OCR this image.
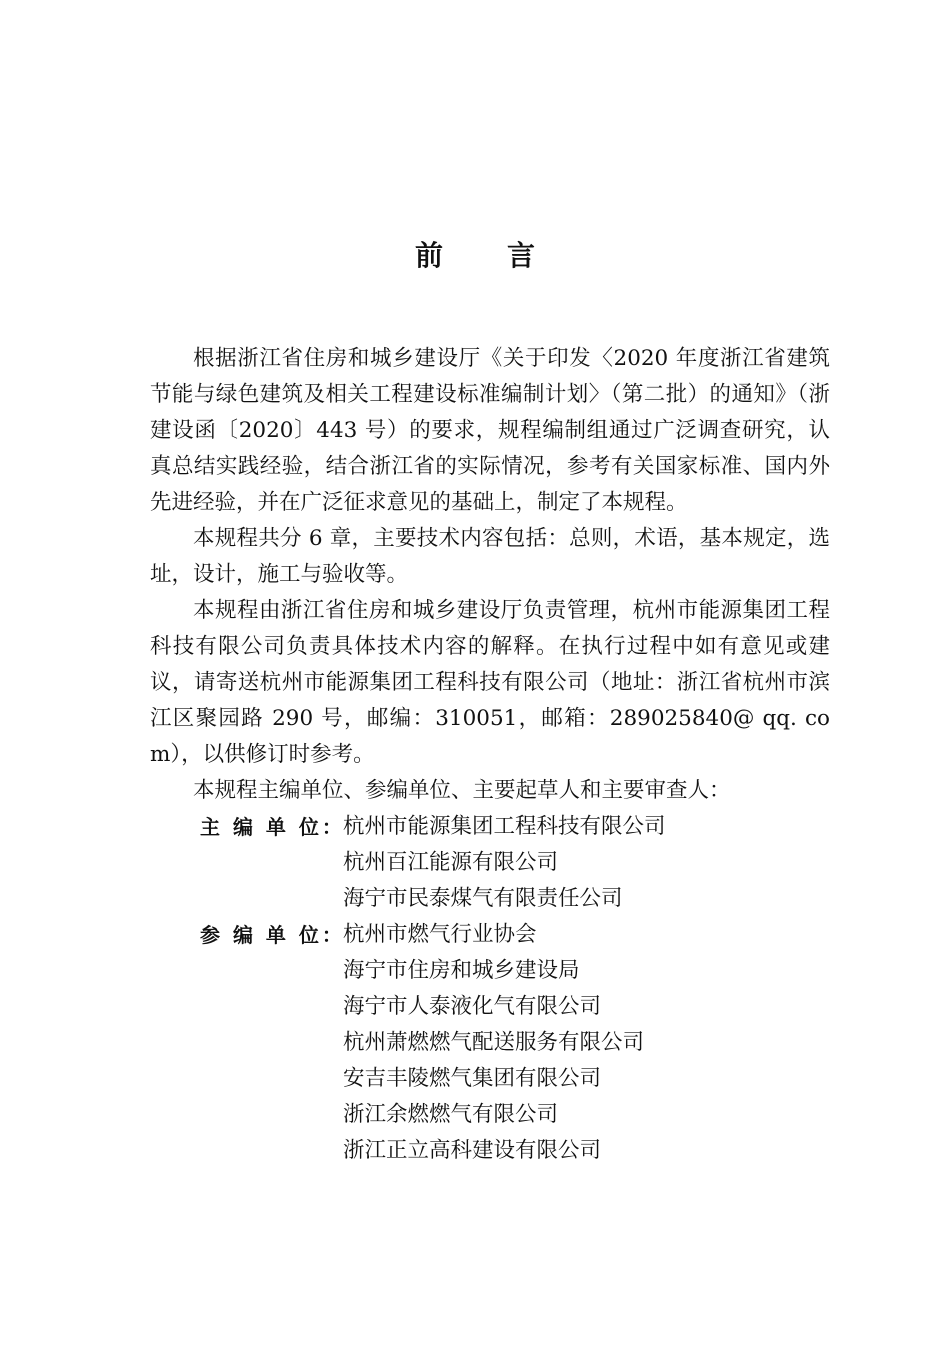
前言

根据浙江省住房和城乡建设厅《关于印发〈2020 年度浙江省建筑节能与绿色建筑及相关工程建设标准编制计划〉（第二批）的通知》（浙建设函〔2020〕443 号）的要求，规程编制组通过广泛调查研究，认真总结实践经验，结合浙江省的实际情况，参考有关国家标准、国内外先进经验，并在广泛征求意见的基础上，制定了本规程。

本规程共分 6 章，主要技术内容包括：总则，术语，基本规定，选址，设计，施工与验收等。

本规程由浙江省住房和城乡建设厅负责管理，杭州市能源集团工程科技有限公司负责具体技术内容的解释。在执行过程中如有意见或建议，请寄送杭州市能源集团工程科技有限公司（地址：浙江省杭州市滨江区聚园路 290 号，邮编：310051，邮箱：289025840@ qq. com），以供修订时参考。

本规程主编单位、参编单位、主要起草人和主要审查人：

主 编 单 位：
杭州市能源集团工程科技有限公司
杭州百江能源有限公司
海宁市民泰煤气有限责任公司
参 编 单 位：
杭州市燃气行业协会
海宁市住房和城乡建设局
海宁市人泰液化气有限公司
杭州萧燃燃气配送服务有限公司
安吉丰陵燃气集团有限公司
浙江余燃燃气有限公司
浙江正立高科建设有限公司
